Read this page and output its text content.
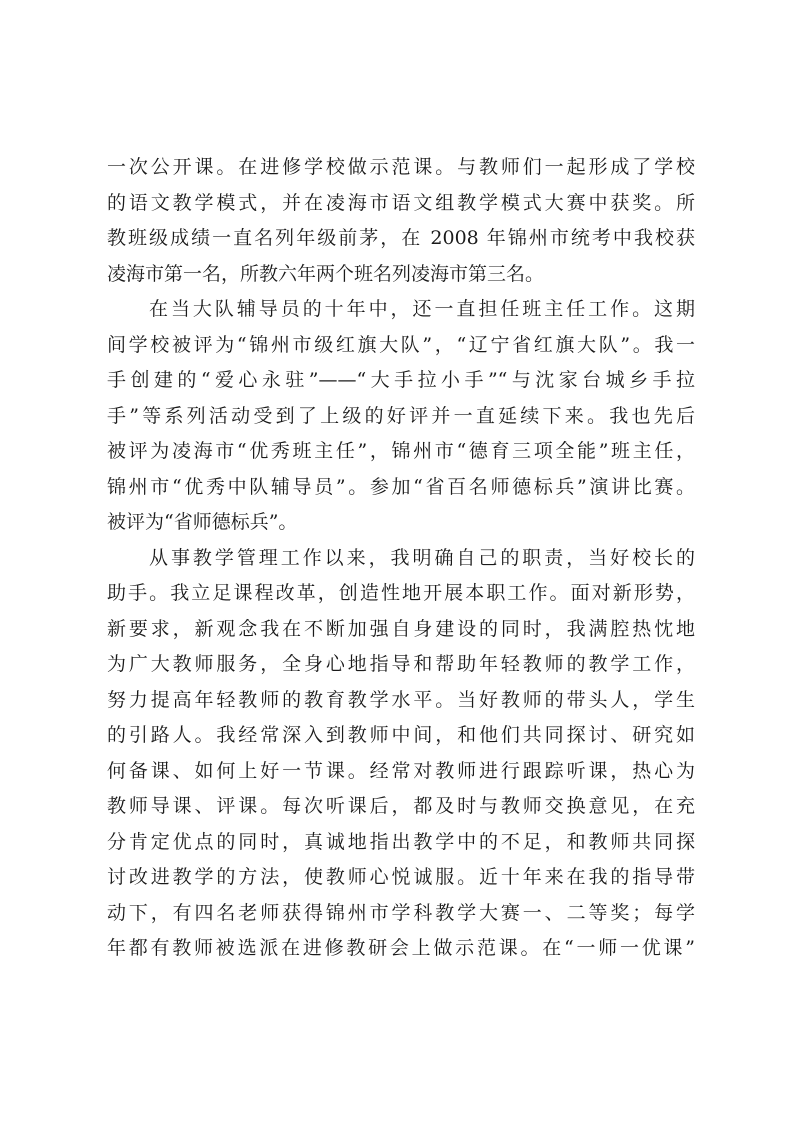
一次公开课。在进修学校做示范课。与教师们一起形成了学校
的语文教学模式，并在凌海市语文组教学模式大赛中获奖。所
教班级成绩一直名列年级前茅，在 2008 年锦州市统考中我校获
凌海市第一名，所教六年两个班名列凌海市第三名。
在当大队辅导员的十年中，还一直担任班主任工作。这期
间学校被评为“锦州市级红旗大队”，“辽宁省红旗大队”。我一
手创建的“爱心永驻”——“大手拉小手”“与沈家台城乡手拉
手”等系列活动受到了上级的好评并一直延续下来。我也先后
被评为凌海市“优秀班主任”，锦州市“德育三项全能”班主任，
锦州市“优秀中队辅导员”。参加“省百名师德标兵”演讲比赛。
被评为“省师德标兵”。
从事教学管理工作以来，我明确自己的职责，当好校长的
助手。我立足课程改革，创造性地开展本职工作。面对新形势，
新要求，新观念我在不断加强自身建设的同时，我满腔热忱地
为广大教师服务，全身心地指导和帮助年轻教师的教学工作，
努力提高年轻教师的教育教学水平。当好教师的带头人，学生
的引路人。我经常深入到教师中间，和他们共同探讨、研究如
何备课、如何上好一节课。经常对教师进行跟踪听课，热心为
教师导课、评课。每次听课后，都及时与教师交换意见，在充
分肯定优点的同时，真诚地指出教学中的不足，和教师共同探
讨改进教学的方法，使教师心悦诚服。近十年来在我的指导带
动下，有四名老师获得锦州市学科教学大赛一、二等奖；每学
年都有教师被选派在进修教研会上做示范课。在“一师一优课”
